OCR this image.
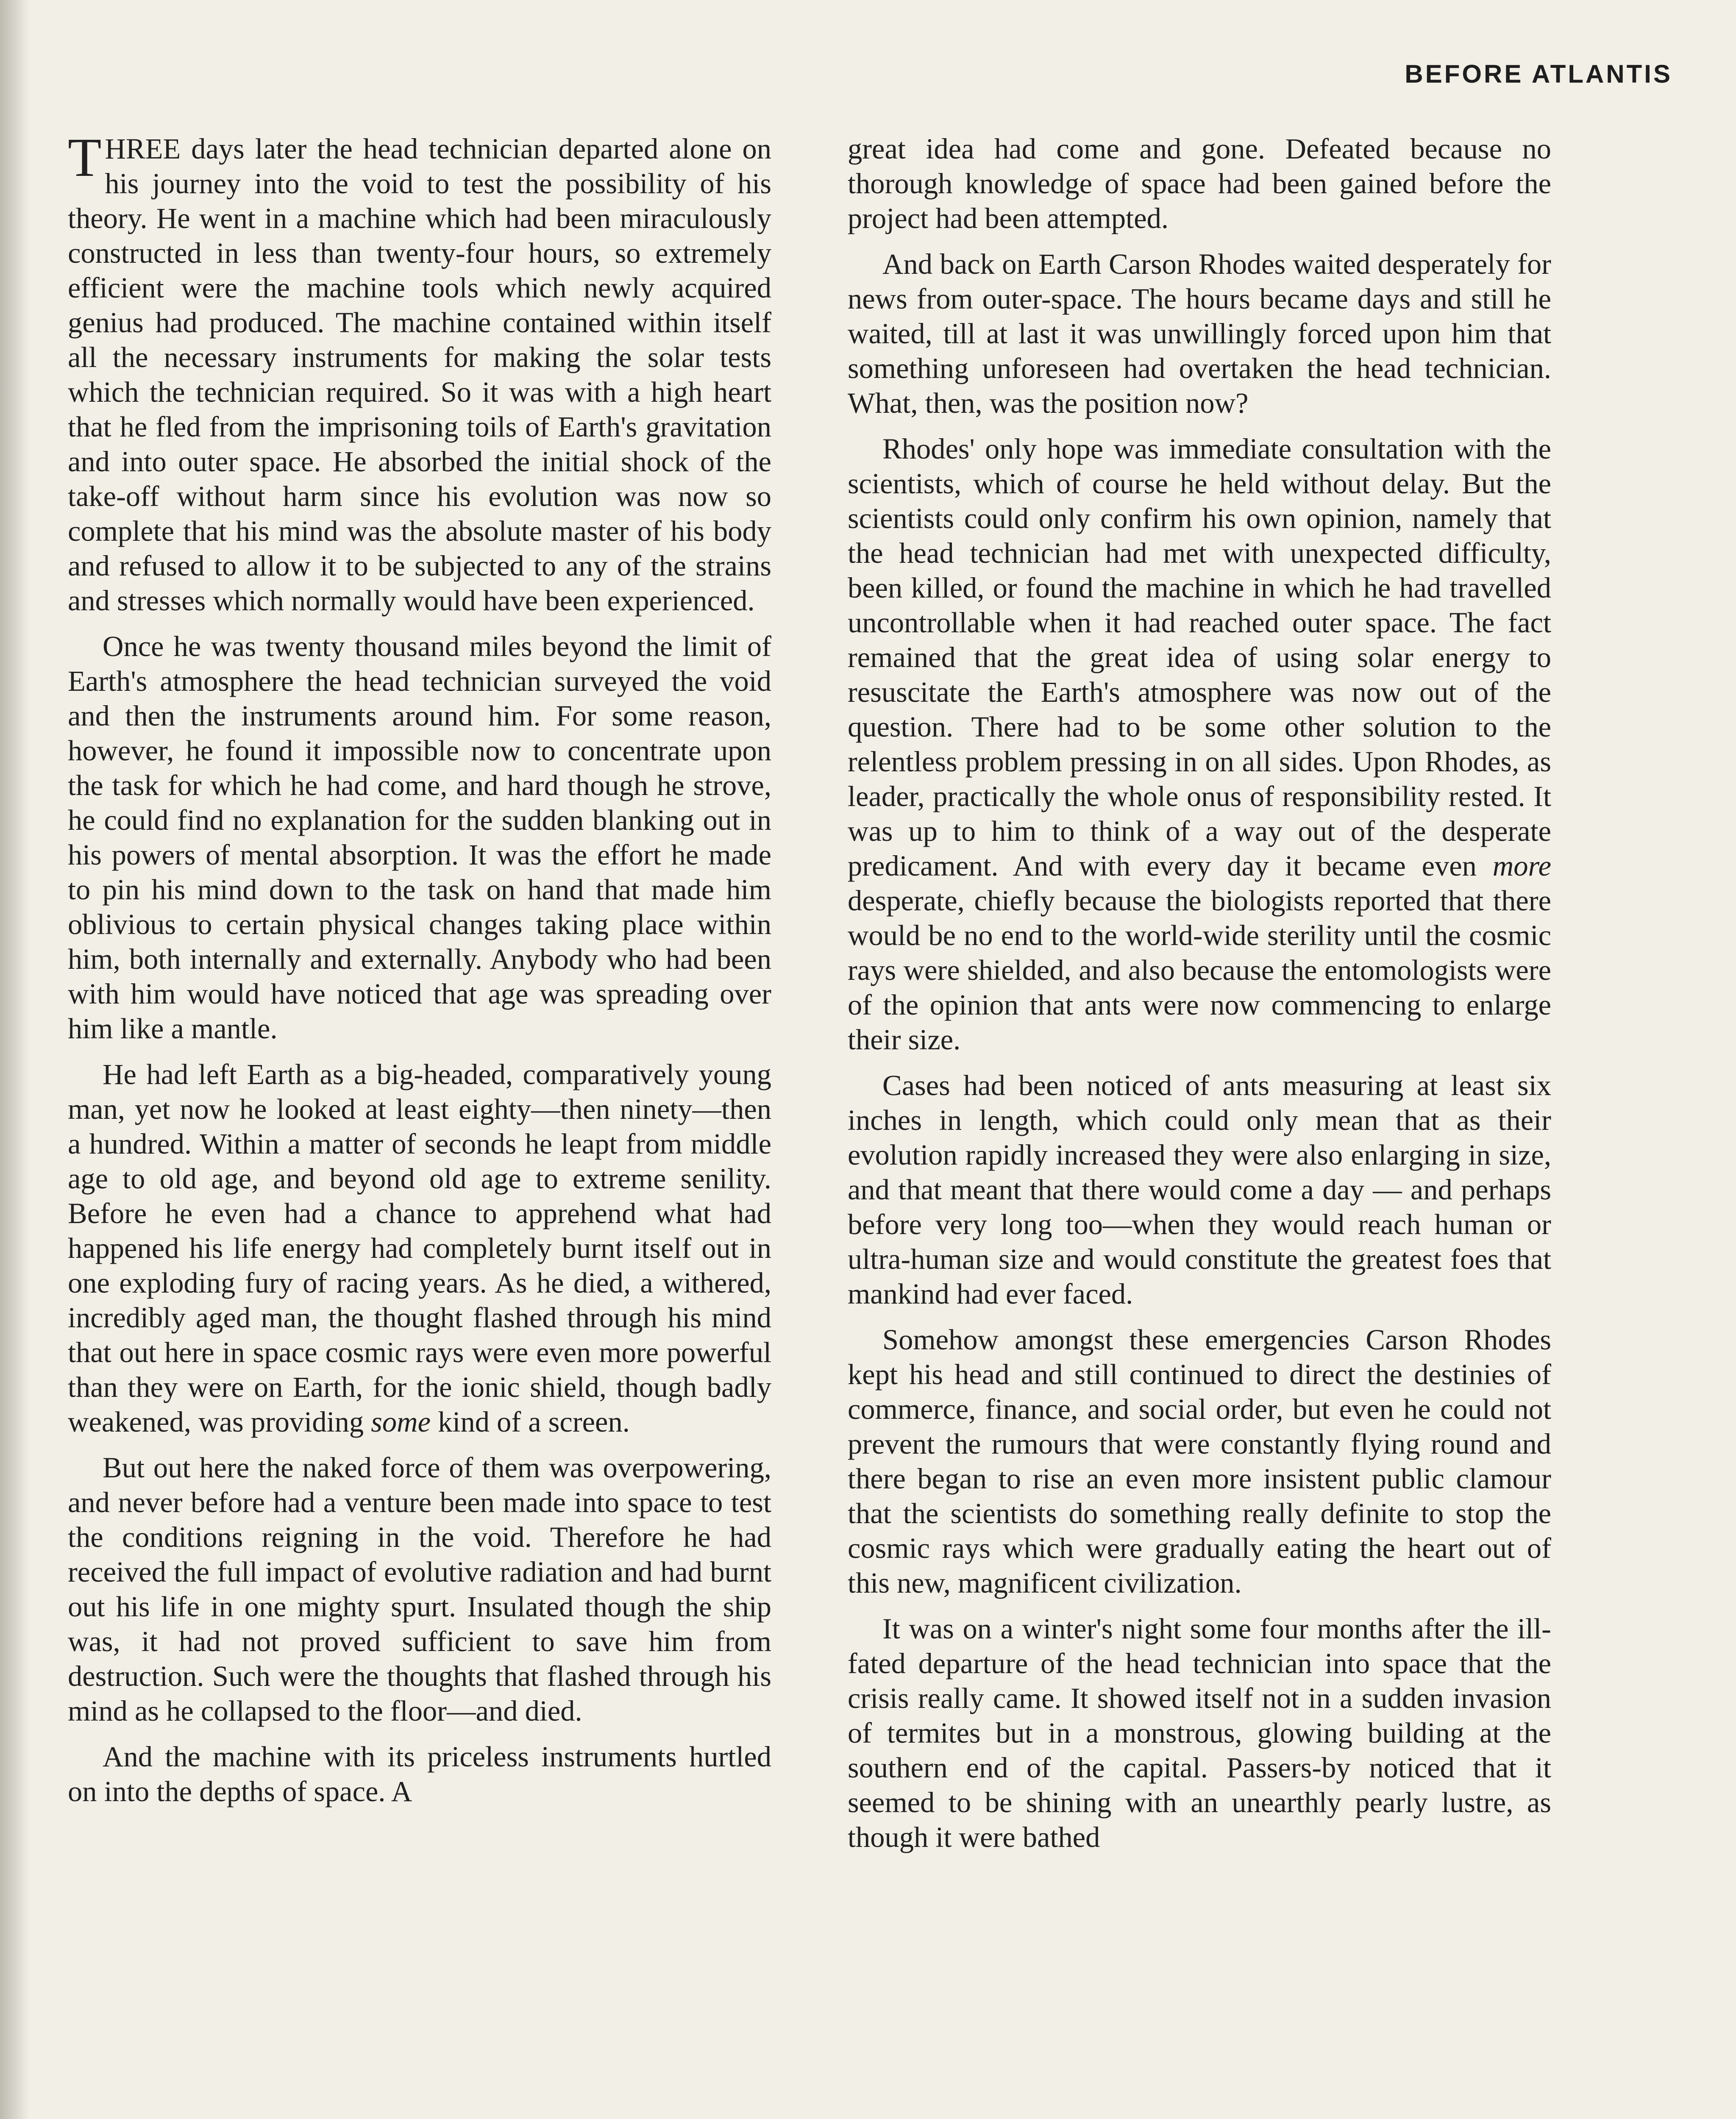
BEFORE ATLANTIS

THREE days later the head technician departed alone on his journey into the void to test the possibility of his theory. He went in a machine which had been miraculously constructed in less than twenty-four hours, so extremely efficient were the machine tools which newly acquired genius had produced. The machine contained within itself all the necessary instruments for making the solar tests which the technician required. So it was with a high heart that he fled from the imprisoning toils of Earth's gravitation and into outer space. He absorbed the initial shock of the take-off without harm since his evolution was now so complete that his mind was the absolute master of his body and refused to allow it to be subjected to any of the strains and stresses which normally would have been experienced.

Once he was twenty thousand miles beyond the limit of Earth's atmosphere the head technician surveyed the void and then the instruments around him. For some reason, however, he found it impossible now to concentrate upon the task for which he had come, and hard though he strove, he could find no explanation for the sudden blanking out in his powers of mental absorption. It was the effort he made to pin his mind down to the task on hand that made him oblivious to certain physical changes taking place within him, both internally and externally. Anybody who had been with him would have noticed that age was spreading over him like a mantle.

He had left Earth as a big-headed, comparatively young man, yet now he looked at least eighty—then ninety—then a hundred. Within a matter of seconds he leapt from middle age to old age, and beyond old age to extreme senility. Before he even had a chance to apprehend what had happened his life energy had completely burnt itself out in one exploding fury of racing years. As he died, a withered, incredibly aged man, the thought flashed through his mind that out here in space cosmic rays were even more powerful than they were on Earth, for the ionic shield, though badly weakened, was providing some kind of a screen.

But out here the naked force of them was overpowering, and never before had a venture been made into space to test the conditions reigning in the void. Therefore he had received the full impact of evolutive radiation and had burnt out his life in one mighty spurt. Insulated though the ship was, it had not proved sufficient to save him from destruction. Such were the thoughts that flashed through his mind as he collapsed to the floor—and died.

And the machine with its priceless instruments hurtled on into the depths of space. A

great idea had come and gone. Defeated because no thorough knowledge of space had been gained before the project had been attempted.

And back on Earth Carson Rhodes waited desperately for news from outer-space. The hours became days and still he waited, till at last it was unwillingly forced upon him that something unforeseen had overtaken the head technician. What, then, was the position now?

Rhodes' only hope was immediate consultation with the scientists, which of course he held without delay. But the scientists could only confirm his own opinion, namely that the head technician had met with unexpected difficulty, been killed, or found the machine in which he had travelled uncontrollable when it had reached outer space. The fact remained that the great idea of using solar energy to resuscitate the Earth's atmosphere was now out of the question. There had to be some other solution to the relentless problem pressing in on all sides. Upon Rhodes, as leader, practically the whole onus of responsibility rested. It was up to him to think of a way out of the desperate predicament. And with every day it became even more desperate, chiefly because the biologists reported that there would be no end to the world-wide sterility until the cosmic rays were shielded, and also because the entomologists were of the opinion that ants were now commencing to enlarge their size.

Cases had been noticed of ants measuring at least six inches in length, which could only mean that as their evolution rapidly increased they were also enlarging in size, and that meant that there would come a day — and perhaps before very long too—when they would reach human or ultra-human size and would constitute the greatest foes that mankind had ever faced.

Somehow amongst these emergencies Carson Rhodes kept his head and still continued to direct the destinies of commerce, finance, and social order, but even he could not prevent the rumours that were constantly flying round and there began to rise an even more insistent public clamour that the scientists do something really definite to stop the cosmic rays which were gradually eating the heart out of this new, magnificent civilization.

It was on a winter's night some four months after the ill-fated departure of the head technician into space that the crisis really came. It showed itself not in a sudden invasion of termites but in a monstrous, glowing building at the southern end of the capital. Passers-by noticed that it seemed to be shining with an unearthly pearly lustre, as though it were bathed
